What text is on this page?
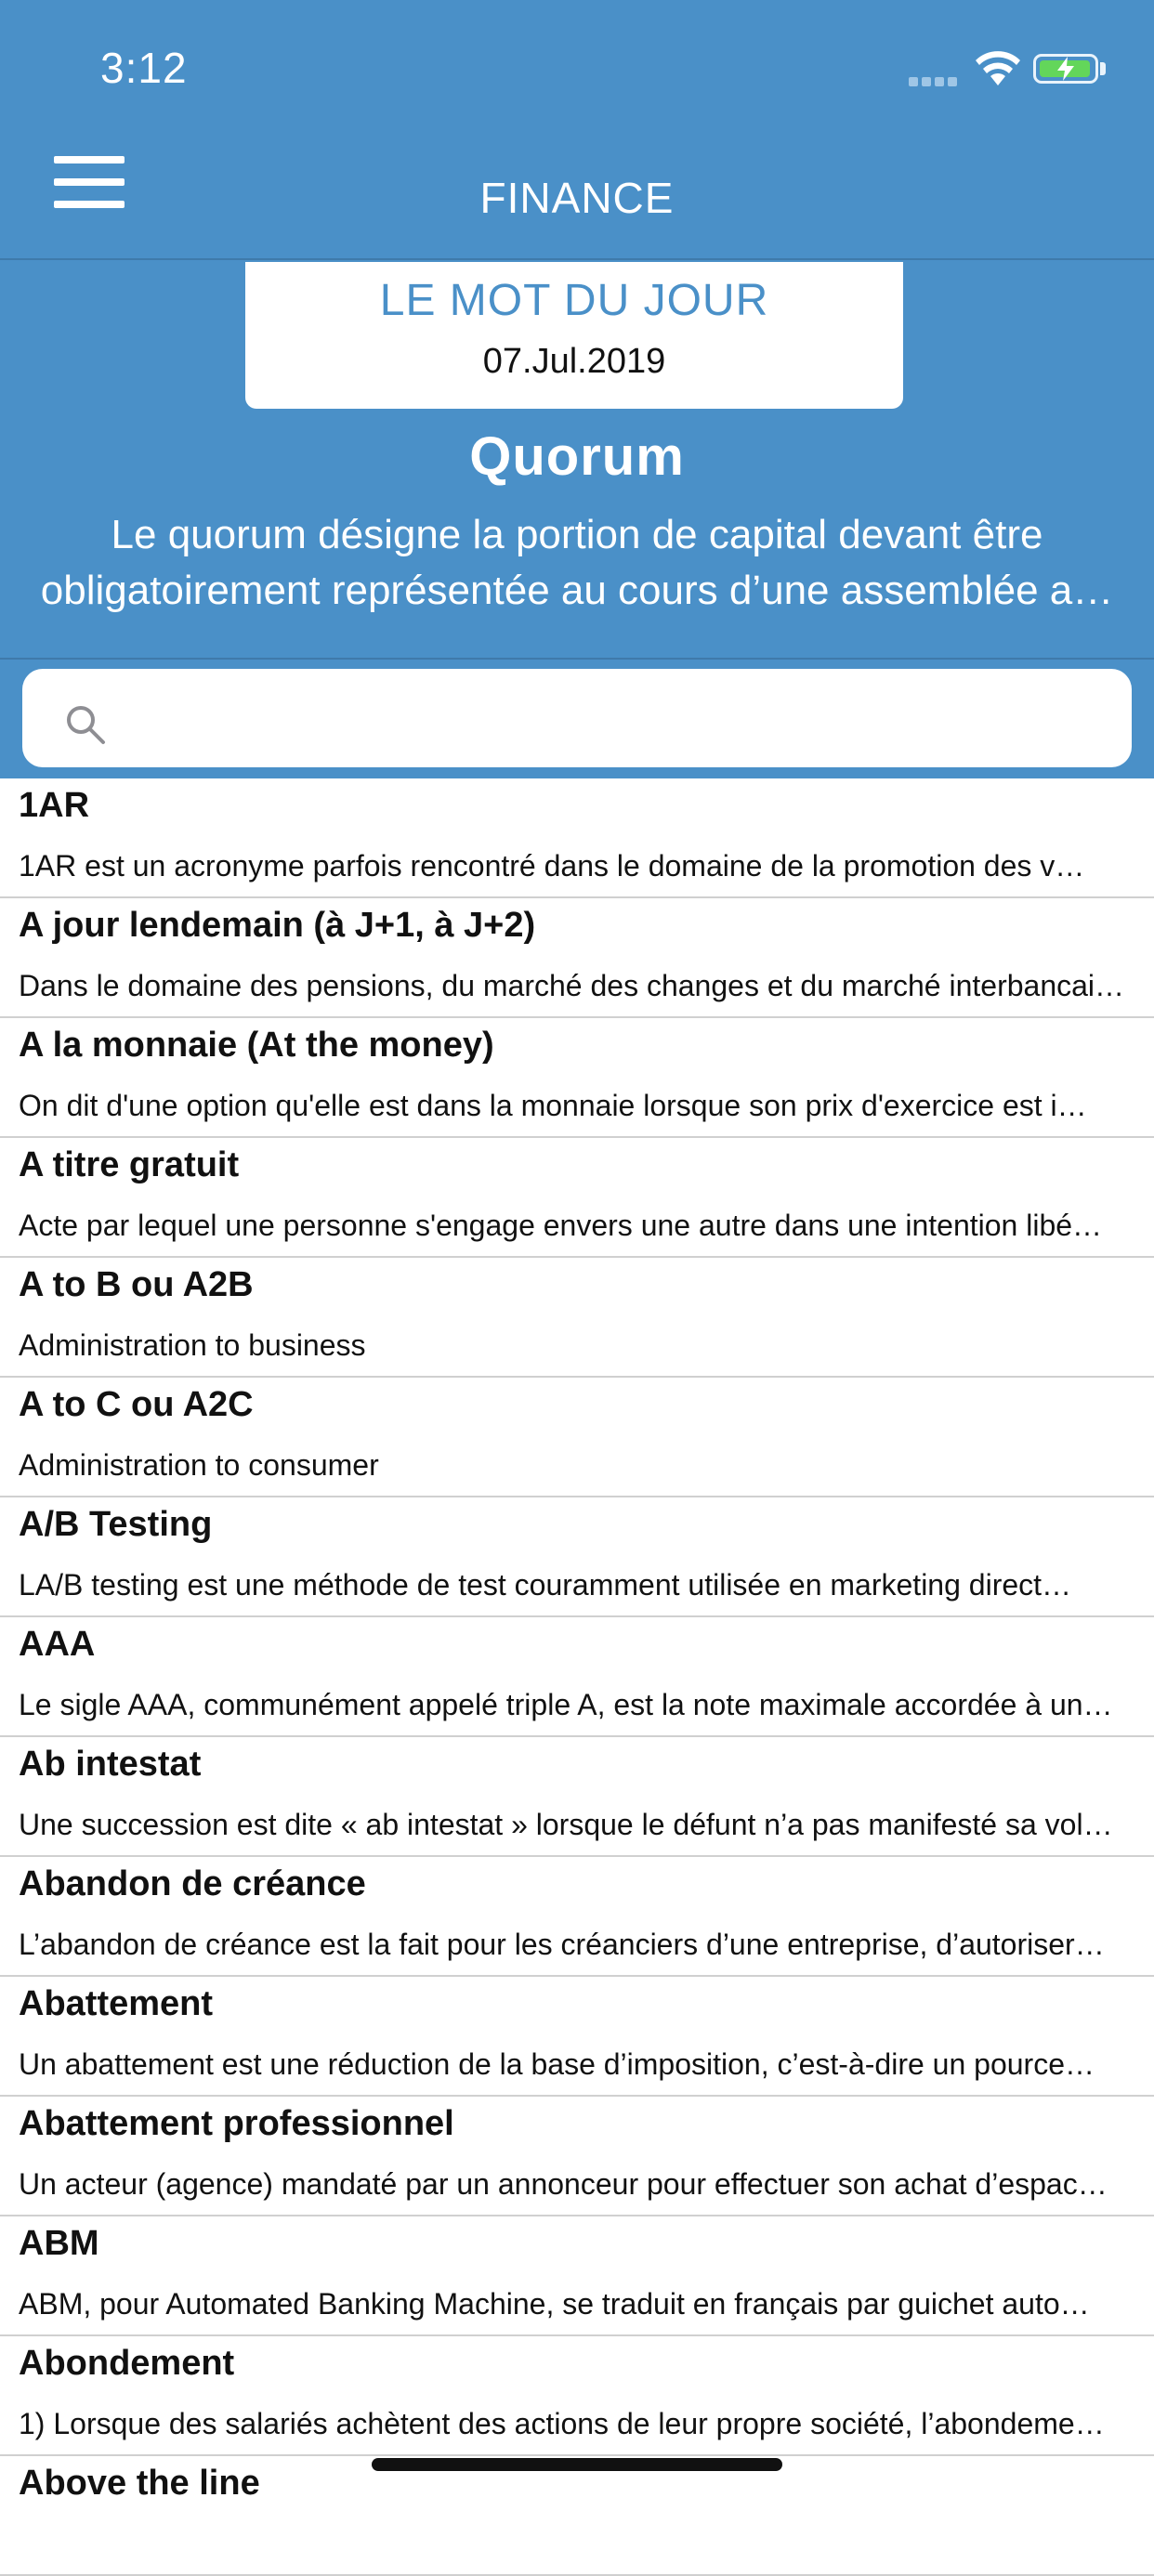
3:12
FINANCE
LE MOT DU JOUR
07.Jul.2019
Quorum
Le quorum désigne la portion de capital devant être obligatoirement représentée au cours d’une assemblée a…
1AR
1AR est un acronyme parfois rencontré dans le domaine de la promotion des v…
A jour lendemain (à J+1, à J+2)
Dans le domaine des pensions, du marché des changes et du marché interbancai…
A la monnaie (At the money)
On dit d'une option qu'elle est dans la monnaie lorsque son prix d'exercice est i…
A titre gratuit
Acte par lequel une personne s'engage envers une autre dans une intention libé…
A to B ou A2B
Administration to business
A to C ou A2C
Administration to consumer
A/B Testing
LA/B testing est une méthode de test couramment utilisée en marketing direct…
AAA
Le sigle AAA, communément appelé triple A, est la note maximale accordée à un…
Ab intestat
Une succession est dite « ab intestat » lorsque le défunt n’a pas manifesté sa vol…
Abandon de créance
L’abandon de créance est la fait pour les créanciers d’une entreprise, d’autoriser…
Abattement
Un abattement est une réduction de la base d’imposition, c’est-à-dire un pource…
Abattement professionnel
Un acteur (agence) mandaté par un annonceur pour effectuer son achat d’espac…
ABM
ABM, pour Automated Banking Machine, se traduit en français par guichet auto…
Abondement
1) Lorsque des salariés achètent des actions de leur propre société, l’abondeme…
Above the line
